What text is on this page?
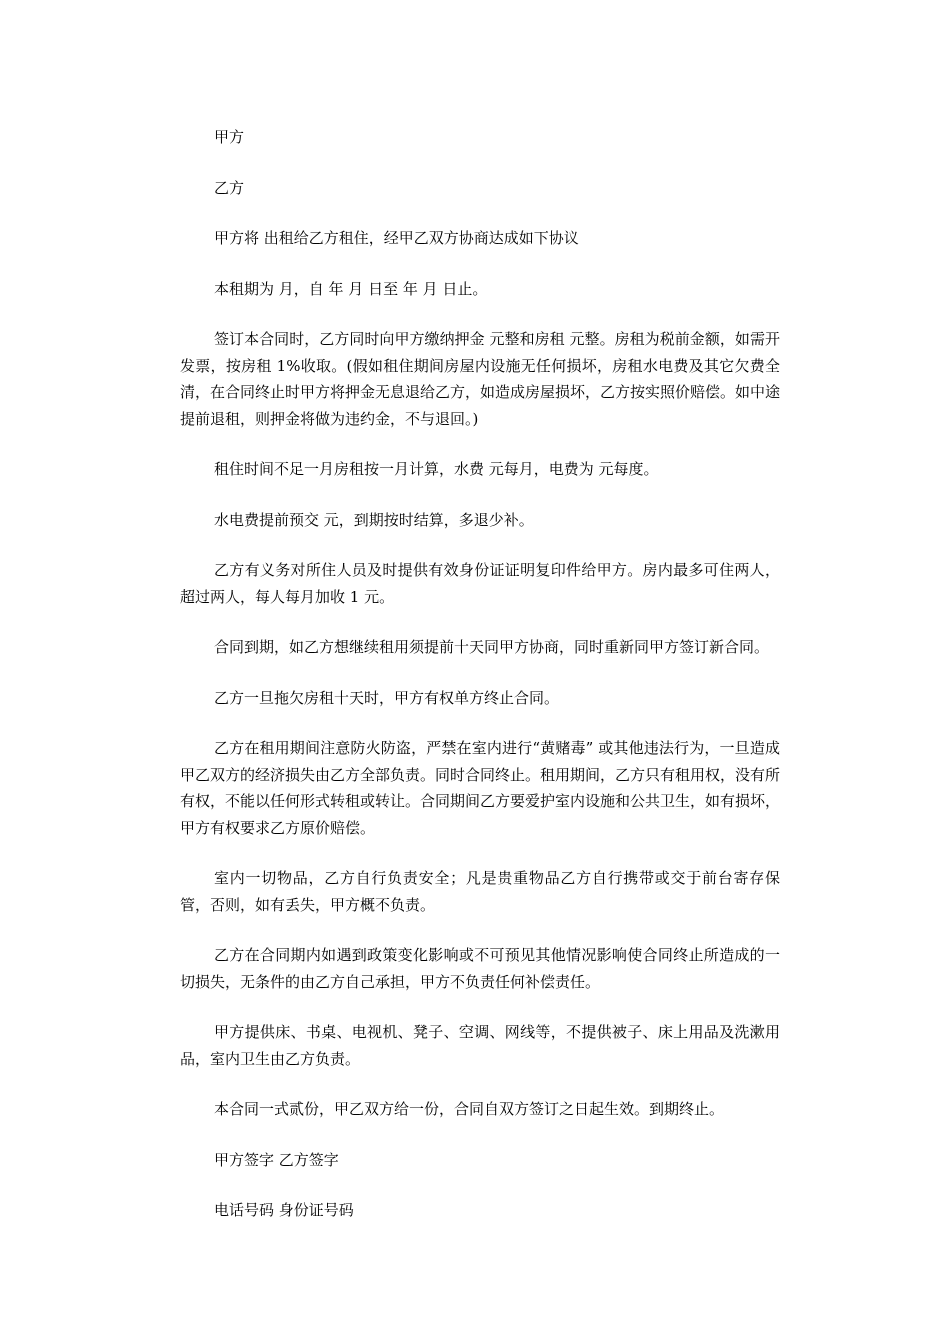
甲方

乙方

甲方将 出租给乙方租住，经甲乙双方协商达成如下协议

本租期为 月，自 年 月 日至 年 月 日止。

签订本合同时，乙方同时向甲方缴纳押金 元整和房租 元整。房租为税前金额，如需开发票，按房租 1%收取。(假如租住期间房屋内设施无任何损坏，房租水电费及其它欠费全清，在合同终止时甲方将押金无息退给乙方，如造成房屋损坏，乙方按实照价赔偿。如中途提前退租，则押金将做为违约金，不与退回。)

租住时间不足一月房租按一月计算，水费 元每月，电费为 元每度。

水电费提前预交 元，到期按时结算，多退少补。

乙方有义务对所住人员及时提供有效身份证证明复印件给甲方。房内最多可住两人，超过两人，每人每月加收 1 元。

合同到期，如乙方想继续租用须提前十天同甲方协商，同时重新同甲方签订新合同。

乙方一旦拖欠房租十天时，甲方有权单方终止合同。

乙方在租用期间注意防火防盗，严禁在室内进行“黄赌毒” 或其他违法行为，一旦造成甲乙双方的经济损失由乙方全部负责。同时合同终止。租用期间，乙方只有租用权，没有所有权，不能以任何形式转租或转让。合同期间乙方要爱护室内设施和公共卫生，如有损坏，甲方有权要求乙方原价赔偿。

室内一切物品，乙方自行负责安全；凡是贵重物品乙方自行携带或交于前台寄存保管，否则，如有丢失，甲方概不负责。

乙方在合同期内如遇到政策变化影响或不可预见其他情况影响使合同终止所造成的一切损失，无条件的由乙方自己承担，甲方不负责任何补偿责任。

甲方提供床、书桌、电视机、凳子、空调、网线等，不提供被子、床上用品及洗漱用品，室内卫生由乙方负责。

本合同一式贰份，甲乙双方给一份，合同自双方签订之日起生效。到期终止。

甲方签字 乙方签字

电话号码 身份证号码
